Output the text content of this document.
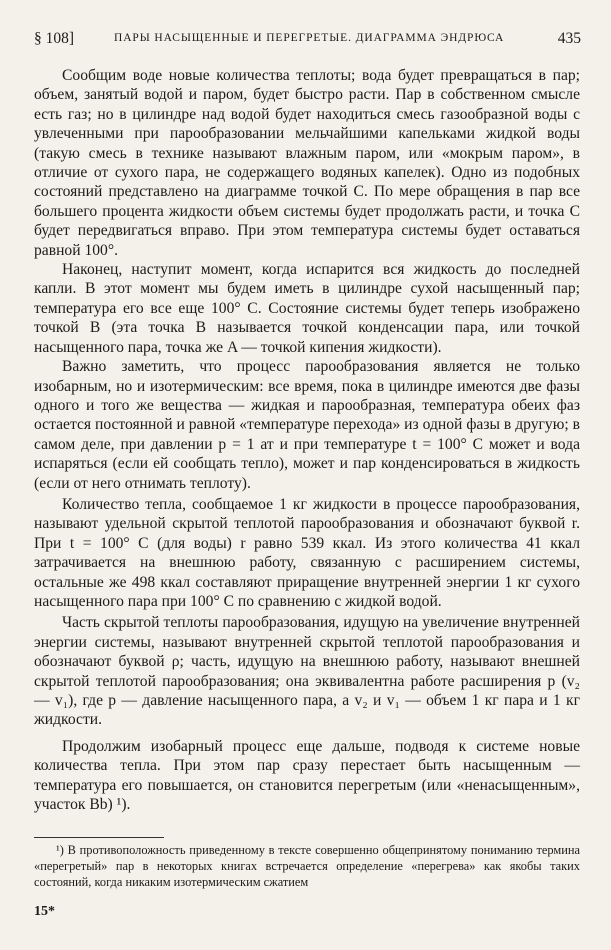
§ 108]	ПАРЫ НАСЫЩЕННЫЕ И ПЕРЕГРЕТЫЕ. ДИАГРАММА ЭНДРЮСА	435

Сообщим воде новые количества теплоты; вода будет превращаться в пар; объем, занятый водой и паром, будет быстро расти. Пар в собственном смысле есть газ; но в цилиндре над водой будет находиться смесь газообразной воды с увлеченными при парообразовании мельчайшими капельками жидкой воды (такую смесь в технике называют влажным паром, или «мокрым паром», в отличие от сухого пара, не содержащего водяных капелек). Одно из подобных состояний представлено на диаграмме точкой C. По мере обращения в пар все большего процента жидкости объем системы будет продолжать расти, и точка C будет передвигаться вправо. При этом температура системы будет оставаться равной 100°.

Наконец, наступит момент, когда испарится вся жидкость до последней капли. В этот момент мы будем иметь в цилиндре сухой насыщенный пар; температура его все еще 100° C. Состояние системы будет теперь изображено точкой B (эта точка B называется точкой конденсации пара, или точкой насыщенного пара, точка же A — точкой кипения жидкости).

Важно заметить, что процесс парообразования является не только изобарным, но и изотермическим: все время, пока в цилиндре имеются две фазы одного и того же вещества — жидкая и парообразная, температура обеих фаз остается постоянной и равной «температуре перехода» из одной фазы в другую; в самом деле, при давлении p = 1 ат и при температуре t = 100° C может и вода испаряться (если ей сообщать тепло), может и пар конденсироваться в жидкость (если от него отнимать теплоту).

Количество тепла, сообщаемое 1 кг жидкости в процессе парообразования, называют удельной скрытой теплотой парообразования и обозначают буквой r. При t = 100° C (для воды) r равно 539 ккал. Из этого количества 41 ккал затрачивается на внешнюю работу, связанную с расширением системы, остальные же 498 ккал составляют приращение внутренней энергии 1 кг сухого насыщенного пара при 100° C по сравнению с жидкой водой.

Часть скрытой теплоты парообразования, идущую на увеличение внутренней энергии системы, называют внутренней скрытой теплотой парообразования и обозначают буквой ρ; часть, идущую на внешнюю работу, называют внешней скрытой теплотой парообразования; она эквивалентна работе расширения p (v₂ — v₁), где p — давление насыщенного пара, а v₂ и v₁ — объем 1 кг пара и 1 кг жидкости.

Продолжим изобарный процесс еще дальше, подводя к системе новые количества тепла. При этом пар сразу перестает быть насыщенным — температура его повышается, он становится перегретым (или «ненасыщенным», участок Bb) ¹).

¹) В противоположность приведенному в тексте совершенно общепринятому пониманию термина «перегретый» пар в некоторых книгах встречается определение «перегрева» как якобы таких состояний, когда никаким изотермическим сжатием
15*
